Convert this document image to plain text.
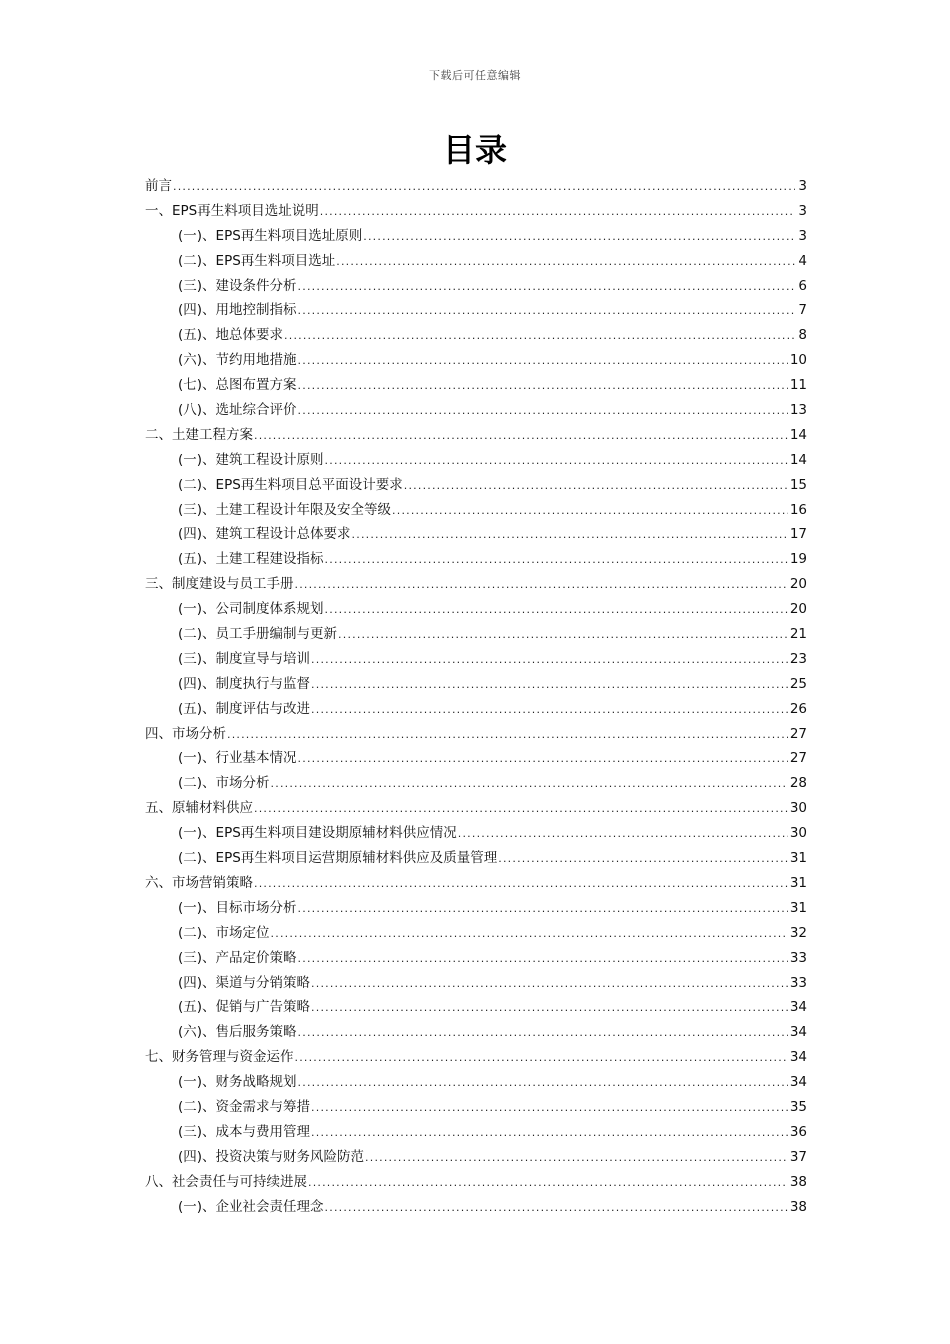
下载后可任意编辑
目录
前言 .....	3
一、EPS再生料项目选址说明 .....	3
(一)、EPS再生料项目选址原则 .....	3
(二)、EPS再生料项目选址 .....	4
(三)、建设条件分析 .....	6
(四)、用地控制指标 .....	7
(五)、地总体要求 .....	8
(六)、节约用地措施 .....	10
(七)、总图布置方案 .....	11
(八)、选址综合评价 .....	13
二、土建工程方案 .....	14
(一)、建筑工程设计原则 .....	14
(二)、EPS再生料项目总平面设计要求 .....	15
(三)、土建工程设计年限及安全等级 .....	16
(四)、建筑工程设计总体要求 .....	17
(五)、土建工程建设指标 .....	19
三、制度建设与员工手册 .....	20
(一)、公司制度体系规划 .....	20
(二)、员工手册编制与更新 .....	21
(三)、制度宣导与培训 .....	23
(四)、制度执行与监督 .....	25
(五)、制度评估与改进 .....	26
四、市场分析 .....	27
(一)、行业基本情况 .....	27
(二)、市场分析 .....	28
五、原辅材料供应 .....	30
(一)、EPS再生料项目建设期原辅材料供应情况 .....	30
(二)、EPS再生料项目运营期原辅材料供应及质量管理 .....	31
六、市场营销策略 .....	31
(一)、目标市场分析 .....	31
(二)、市场定位 .....	32
(三)、产品定价策略 .....	33
(四)、渠道与分销策略 .....	33
(五)、促销与广告策略 .....	34
(六)、售后服务策略 .....	34
七、财务管理与资金运作 .....	34
(一)、财务战略规划 .....	34
(二)、资金需求与筹措 .....	35
(三)、成本与费用管理 .....	36
(四)、投资决策与财务风险防范 .....	37
八、社会责任与可持续进展 .....	38
(一)、企业社会责任理念 .....	38
